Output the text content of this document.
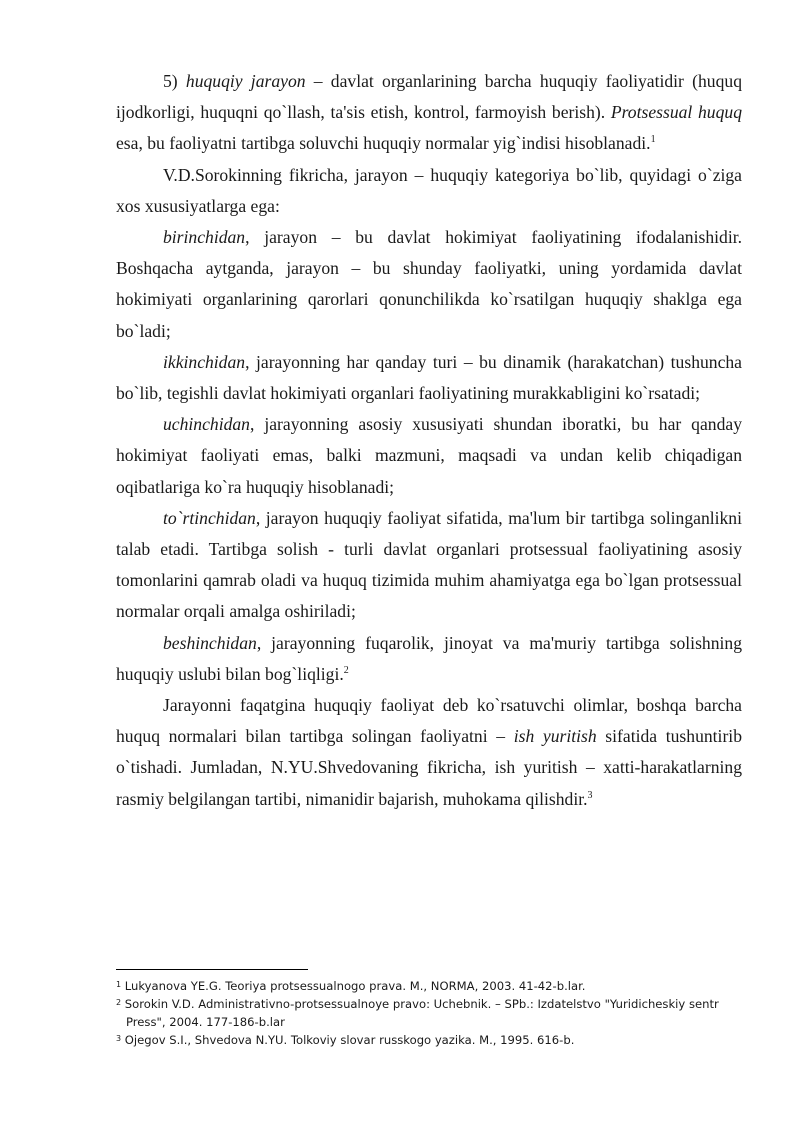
5) huquqiy jarayon – davlat organlarining barcha huquqiy faoliyatidir (huquq ijodkorligi, huquqni qo`llash, ta'sis etish, kontrol, farmoyish berish). Protsessual huquq esa, bu faoliyatni tartibga soluvchi huquqiy normalar yig`indisi hisoblanadi.$^1$

V.D.Sorokinning fikricha, jarayon – huquqiy kategoriya bo`lib, quyidagi o`ziga xos xususiyatlarga ega:

birinchidan, jarayon – bu davlat hokimiyat faoliyatining ifodalanishidir. Boshqacha aytganda, jarayon – bu shunday faoliyatki, uning yordamida davlat hokimiyati organlarining qarorlari qonunchilikda ko`rsatilgan huquqiy shaklga ega bo`ladi;

ikkinchidan, jarayonning har qanday turi – bu dinamik (harakatchan) tushuncha bo`lib, tegishli davlat hokimiyati organlari faoliyatining murakkabligini ko`rsatadi;

uchinchidan, jarayonning asosiy xususiyati shundan iboratki, bu har qanday hokimiyat faoliyati emas, balki mazmuni, maqsadi va undan kelib chiqadigan oqibatlariga ko`ra huquqiy hisoblanadi;

to`rtinchidan, jarayon huquqiy faoliyat sifatida, ma'lum bir tartibga solinganlikni talab etadi. Tartibga solish - turli davlat organlari protsessual faoliyatining asosiy tomonlarini qamrab oladi va huquq tizimida muhim ahamiyatga ega bo`lgan protsessual normalar orqali amalga oshiriladi;

beshinchidan, jarayonning fuqarolik, jinoyat va ma'muriy tartibga solishning huquqiy uslubi bilan bog`liqligi.$^2$

Jarayonni faqatgina huquqiy faoliyat deb ko`rsatuvchi olimlar, boshqa barcha huquq normalari bilan tartibga solingan faoliyatni – ish yuritish sifatida tushuntirib o`tishadi. Jumladan, N.YU.Shvedovaning fikricha, ish yuritish – xatti-harakatlarning rasmiy belgilangan tartibi, nimanidir bajarish, muhokama qilishdir.$^3$

$^1$ Lukyanova YE.G. Teoriya protsessualnogo prava. M., NORMA, 2003. 41-42-b.lar.
$^2$ Sorokin V.D. Administrativno-protsessualnoye pravo: Uchebnik. – SPb.: Izdatelstvo "Yuridicheskiy sentr Press", 2004. 177-186-b.lar
$^3$ Ojegov S.I., Shvedova N.YU. Tolkoviy slovar russkogo yazika. M., 1995. 616-b.
